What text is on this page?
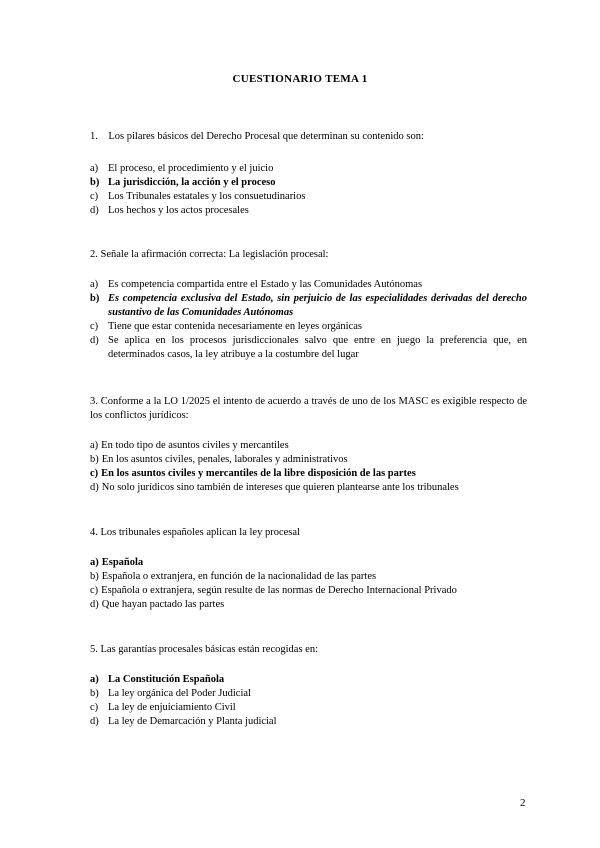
CUESTIONARIO TEMA 1

1.    Los pilares básicos del Derecho Procesal que determinan su contenido son:

a) El proceso, el procedimiento y el juicio
b) La jurisdicción, la acción y el proceso
c) Los Tribunales estatales y los consuetudinarios
d) Los hechos y los actos procesales

2. Señale la afirmación correcta: La legislación procesal:

a) Es competencia compartida entre el Estado y las Comunidades Autónomas
b) Es competencia exclusiva del Estado, sin perjuicio de las especialidades derivadas del derecho sustantivo de las Comunidades Autónomas
c) Tiene que estar contenida necesariamente en leyes orgánicas
d) Se aplica en los procesos jurisdiccionales salvo que entre en juego la preferencia que, en determinados casos, la ley atribuye a la costumbre del lugar

3. Conforme a la LO 1/2025 el intento de acuerdo a través de uno de los MASC es exigible respecto de los conflictos jurídicos:

a) En todo tipo de asuntos civiles y mercantiles
b) En los asuntos civiles, penales, laborales y administrativos
c) En los asuntos civiles y mercantiles de la libre disposición de las partes
d) No solo jurídicos sino también de intereses que quieren plantearse ante los tribunales

4. Los tribunales españoles aplican la ley procesal

a) Española
b) Española o extranjera, en función de la nacionalidad de las partes
c) Española o extranjera, según resulte de las normas de Derecho Internacional Privado
d) Que hayan pactado las partes

5. Las garantías procesales básicas están recogidas en:

a) La Constitución Española
b) La ley orgánica del Poder Judicial
c) La ley de enjuiciamiento Civil
d) La ley de Demarcación y Planta judicial
2
